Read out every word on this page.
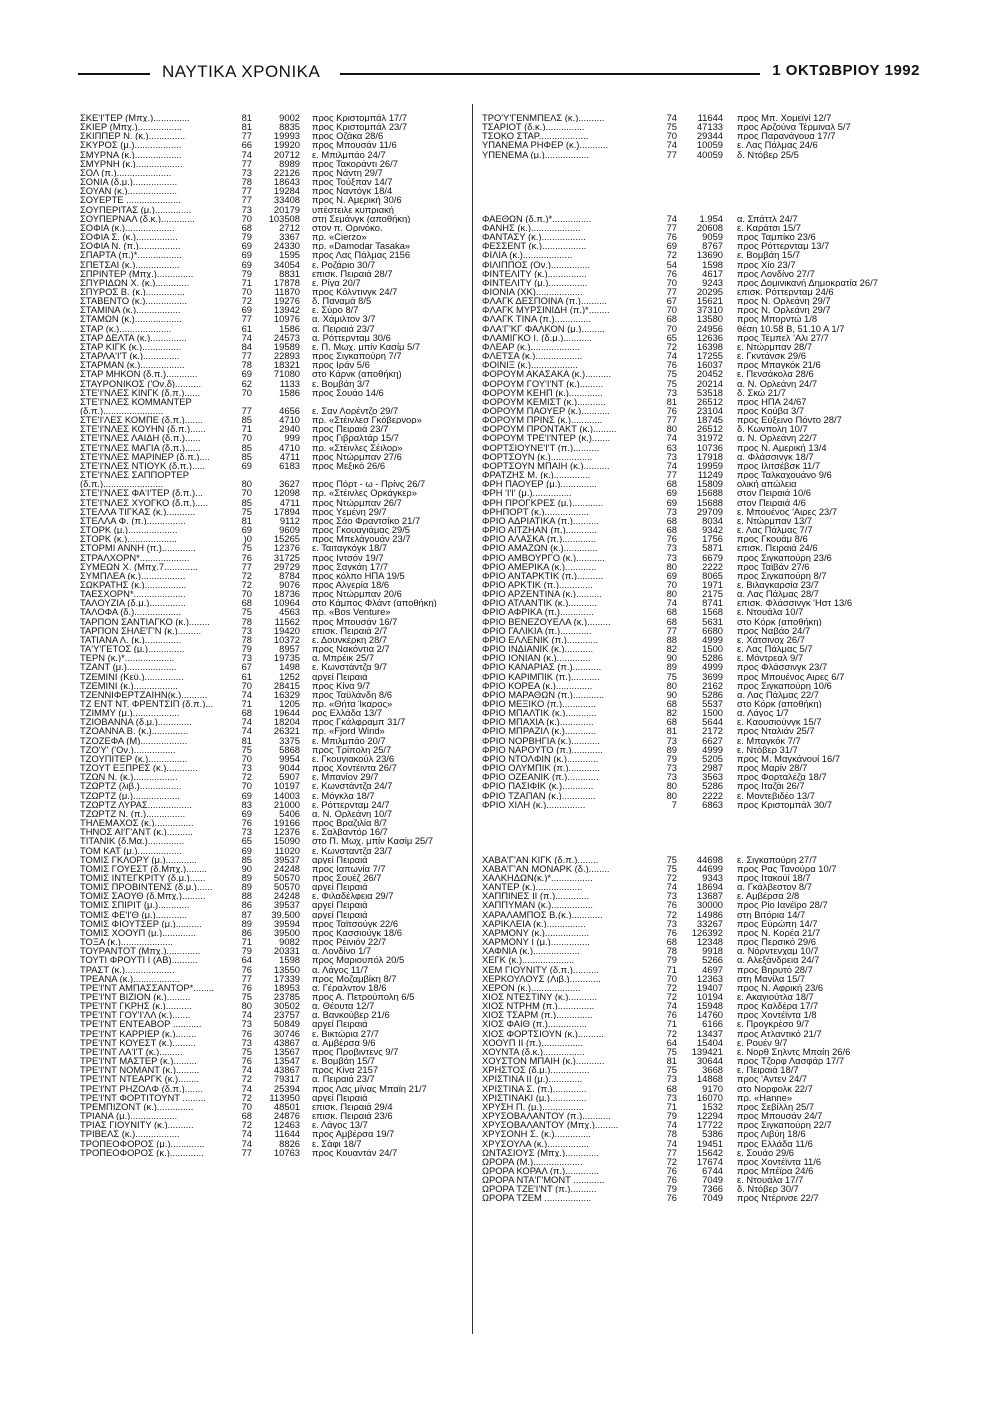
ΝΑΥΤΙΚΑ ΧΡΟΝΙΚΑ	1 ΟΚΤΩΒΡΙΟΥ 1992
ΣΚΕ'Ι'ΤΕΡ (Μπχ.)..............	81	9002	προς Κριστομπάλ 17/7
ΣΚΙΕΡ (Μπχ.).................	81	8835	προς Κριστομπάλ 23/7
ΣΚΙΠΠΕΡ Ν. (κ.)..............	77	19993	προς Οζάκα 28/6
ΣΚΥΡΟΣ (μ.)..................	66	19920	προς Μπουσάν 11/6
ΣΜΥΡΝΑ (κ.)..................	74	20712	ε. Μπιλμπάο 24/7
ΣΜΥΡΝΗ (κ.)..................	77	8989	προς Τακοράντι 26/7
ΣΟΛ (π.).....................	73	22126	προς Νάντη 29/7
ΣΟΝΙΑ (δ.μ.).................	78	18643	προς Τούξπαν 14/7
ΣΟΥΑΝ (κ.)...................	77	19284	προς Ναντόγκ 18/4
ΣΟΥΕΡΤΕ .....................	77	33408	προς Ν. Αμερική 30/6
ΣΟΥΠΕΡΙΤΑΣ (μ.)..............	73	20179	υπέστειλε κυπριακή
ΣΟΥΠΕΡΝΑΛ (δ.κ.).............	70	103508	στη Σεμάνγκ (αποθήκη)
ΣΟΦΙΑ (κ.)...................	68	2712	στον π. Ορινόκο.
ΣΟΦΙΑ Σ. (κ.)................	79	3367	πρ. «Cierzo»
ΣΟΦΙΑ Ν. (π.)................	69	24330	πρ. «Damodar Tasaka»
ΣΠΑΡΤΑ (π.)*.................	69	1595	προς Λας Πάλμας 2156
ΣΠΕΤΣΑΙ (κ.).................	69	34054	ε. Ροζάριο 30/7
ΣΠΡΙΝΤΕΡ (Μπχ.)..............	79	8831	επισκ. Πειραιά 28/7
ΣΠΥΡΙΔΩΝ Χ. (κ.).............	71	17878	ε. Ρίγα 20/7
ΣΠΥΡΟΣ Β. (κ.)...............	70	11870	προς Κόλντινγκ 24/7
ΣΤΑΒΕΝΤΟ (κ.)................	72	19276	δ. Παναμά 8/5
ΣΤΑΜΙΝΑ (κ.).................	69	13942	ε. Σύρο 8/7
ΣΤΑΜΩΝ (κ.)..................	77	10976	α. Χάμιλτον 3/7
ΣΤΑΡ (κ.)....................	61	1586	α. Πειραιά 23/7
ΣΤΑΡ ΔΕΛΤΑ (κ.)..............	74	24573	α. Ρόττερνταμ 30/6
ΣΤΑΡ ΚΙΓΚ (κ.)...............	84	19589	ε. Π. Μωχ. μπίν Κασίμ 5/7
ΣΤΑΡΛΑ'Ι'Τ (κ.)..............	77	22893	προς Σιγκαπούρη 7/7
ΣΤΑΡΜΑΝ (κ.).................	78	18321	προς Ιράν 5/6
ΣΤΑΡ ΜΗΚΟΝ (δ.π.)............	69	71080	στο Κάρνκ (αποθήκη)
ΣΤΑΥΡΟΝΙΚΟΣ ('Ον.δ)..........	62	1133	ε. Βομβάη 3/7
ΣΤΕ'Ι'ΝΛΕΣ ΚΙΝΓΚ (δ.π.)......	70	1586	προς Σουάο 14/6
ΣΤΕ'Ι'ΝΛΕΣ ΚΟΜΜΑΝΤΕΡ
(δ.π.).......................	77	4656	ε. Σαν Λορέντζο 29/7
ΣΤΕ'Ι'ΛΕΣ ΚΟΜΠΕ (δ.π.).......	85	4710	πρ. «Στέινλεσ Γκόβερνορ»
ΣΤΕ'Ι'ΝΛΕΣ ΚΟΥΗΝ (δ.π.)......	71	2940	προς Πειραιά 23/7
ΣΤΕ'Ι'ΝΛΕΣ ΛΑΙΔΗ (δ.π.)......	70	999	προς Γιβραλτάρ 15/7
ΣΤΕ'Ι'ΝΛΕΣ ΜΑΓΙΑ (δ.π.)......	85	4710	πρ. «Στέινλες Σέιλορ»
ΣΤΕ'Ι'ΝΛΕΣ ΜΑΡΙΝΕΡ (δ.π.)....	85	4711	προς Ντώρμπαν 27/6
ΣΤΕ'Ι'ΝΛΕΣ ΝΤΙΟΥΚ (δ.π.).....	69	6183	προς Μεξικό 26/6
ΣΤΕ'Ι'ΝΛΕΣ ΣΑΠΠΟΡΤΕΡ
(δ.π.).......................	80	3627	προς Πόρτ - ω - Πρίνς 26/7
ΣΤΕ'Ι'ΝΛΕΣ ΦΑ'Ι'ΤΕΡ (δ.π.)...	70	12098	πρ. «Στέινλες Ορκάγκερ»
ΣΤΕ'Ι'ΝΛΕΣ ΧΥΟΓΚΟ (δ.π.).....	85	4711	προς Ντώρμπαν 26/7
ΣΤΕΛΛΑ ΤΙΓΚΑΣ (κ.)...........	75	17894	προς Υεμένη 29/7
ΣΤΕΛΛΑ Φ. (π.)...............	81	9112	προς Σάο Φραντσίκο 21/7
ΣΤΟΡΚ (μ.)...................	69	9609	προς Γκουαγιάμας 29/5
ΣΤΟΡΚ (κ.)...................	)0	15265	προς Μπελάγουάν 23/7
ΣΤΟΡΜΙ ΑΝΝΗ (π.).............	75	12376	ε. Ταιταγκόγκ 18/7
ΣΤΡΑΛΧΟΡΝ*...................	76	31725	προς Ιντσόν 19/7
ΣΥΜΕΩΝ Χ. (Μπχ.7.............	77	29729	προς Σαγκάη 17/7
ΣΥΜΠΛΕΑ (κ.).................	72	8784	προς κόλπο ΗΠΑ 19/5
ΣΩΚΡΑΤΗΣ (κ.)................	72	9076	προς Αλγερία 18/6
ΤΑΕΣΧΟΡΝ*....................	70	18736	προς Ντώρμπαν 20/6
ΤΑΛΟΥΖΙΑ (δ.μ.)..............	68	10964	στο Κάμπος Φλάντ (αποθήκη)
ΤΑΛΟΦΑ (δ.)..................	75	4563	πρ. «Bos Venture»
ΤΑΡΠΟΝ ΣΑΝΤΙΑΓΚΟ (κ.)........	78	11562	προς Μπουσάν 16/7
ΤΑΡΠΟΝ ΣΗΛΕ'Γ'Ν (κ.).........	73	19420	επισκ. Πειραιά 2/7
ΤΑΤΙΑΝΑ Λ. (κ.)..............	78	10372	ε. Δουνκέρκη 28/7
ΤΑ'Υ'ΓΕΤΟΣ (μ.)..............	79	8957	προς Νακόντια 2/7
ΤΕΡΝ (κ.)*...................	73	19735	α. Μπρέικ 25/7
ΤΖΑΝΤ (μ.)...................	67	1498	ε. Κωνστάντζα 9/7
ΤΖΕΜΙΝΙ (Κεϋ.)...............	61	1252	αργεί Πειραιά
ΤΖΕΜΙΝΙ (κ.).................	70	28415	προς Κίνα 9/7
ΤΖΕΝΝΙΦΕΡΤΖΑΙΗΝ(κ.)..........	74	16329	προς Ταϋλάνδη 8/6
ΤΖ ΕΝΤ ΝΤ. ΦΡΕΝΤΣΙΠ (δ.π.)...	71	1205	πρ. «Θήτα Ίκαρος»
ΤΖΙΜΜΥ (μ.)..................	68	19644	ρος Ελλάδα 13/7
ΤΖΙΟΒΑΝΝΑ (δ.μ.).............	74	18204	προς Γκάλφραμπ 31/7
ΤΖΟΑΝΝΑ Β. (κ.)..............	74	26321	πρ. «Fjord Wind»
ΤΖΟΖΕΦΑ (Μ)..................	81	3375	ε. Μπιλμπάο 20/7
ΤΖΟ'Υ' ('Ον.)................	75	5868	προς Τρίπολη 25/7
ΤΖΟΥΠΙΤΕΡ (κ.)...............	70	9954	ε. Γκουγιακούλ 23/6
ΤΖΟΥΤ ΕΞΠΡΕΣ (κ.)............	73	9044	προς Χοντέιντα 26/7
ΤΖΩΝ Ν. (κ.).................	72	5907	ε. Μπανίον 29/7
ΤΖΩΡΤΖ (λιβ.)................	70	10197	ε. Κωνστάντζα 24/7
ΤΖΩΡΤΖ (μ.)..................	69	14003	ε. Μόγκλα 18/7
ΤΖΩΡΤΖ ΛΥΡΑΣ.................	83	21000	ε. Ρόττερνταμ 24/7
ΤΖΩΡΤΖ Ν. (π.)...............	69	5406	α. Ν. Ορλεάνη 10/7
ΤΗΛΕΜΑΧΟΣ (κ.)...............	76	19166	προς Βραζιλία 8/7
ΤΗΝΟΣ ΑΙ'Γ'ΑΝΤ (κ.)..........	73	12376	ε. Σαλβαντόρ 16/7
ΤΙΤΑΝΙΚ (δ.Μα.)..............	65	15090	στο Π. Μωχ. μπίν Κασίμ 25/7
ΤΟΜ ΚΑΤ (μ.).................	69	11020	ε. Κωνσταντζα 23/7
ΤΟΜΙΣ ΓΚΛΟΡΥ (μ.)............	85	39537	αργεί Πειραιά
ΤΟΜΙΣ ΓΟΥΕΣΤ (δ.Μπχ.)........	90	24248	προς Ιαπωνία 7/7
ΤΟΜΙΣ ΙΝΤΕΓΚΡΙΤΥ (δ.μ.)......	89	50570	προς Σουέζ 26/7
ΤΟΜΙΣ ΠΡΟΒΙΝΤΕΝΣ (δ.μ.)......	89	50570	αργεί Πειραιά
ΤΟΜΙΣ ΣΑΟΥΘ (δ.Μπχ.).........	88	24248	ε. Φιλαδέλφεια 29/7
ΤΟΜΙΣ ΣΠΙΡΙΤ (μ.)............	86	39537	αργεί Πειραιά
ΤΟΜΙΣ ΦΕ'Ι'Θ (μ.)............	87	39.500	αργεί Πειραιά
ΤΟΜΙΣ ΦΙΟΥΤΣΕΡ (μ.)..........	89	39594	προς Ταϊτσούγκ 22/6
ΤΟΜΙΣ ΧΟΟΥΠ (μ.).............	86	39500	προς Κασσιούγκ 18/6
ΤΟΞΑ (κ.)....................	71	9082	προς Ρέινιόν 22/7
ΤΟΥΡΑΝΤΟΤ (Μπχ.).............	79	20331	α. Λονδίνο 1/7
ΤΟΥΤΙ ΦΡΟΥΤΙ Ι (ΑΒ)..........	64	1598	προς Μαριουπόλ 20/5
ΤΡΑΣΤ (κ.)...................	76	13550	α. Λάγος 11/7
ΤΡΕΑΝΑ (κ.)..................	77	17339	προς Μοζαμβίκη 8/7
ΤΡΕ'Ι'ΝΤ ΑΜΠΑΣΣΑΝΤΟΡ*........	76	18953	α. Γέραλντον 18/6
ΤΡΕ'Ι'ΝΤ ΒΙΖΙΟΝ (κ.).........	75	23785	προς Α. Πετρούπολη 6/5
ΤΡΕ'Ι'ΝΤ ΓΚΡΗΣ (κ.)..........	80	30502	α. Θέουτα 12/7
ΤΡΕ'Ι'ΝΤ ΓΟΥ'Ι'ΛΛ (κ.).......	74	23757	α. Βανκούβερ 21/6
ΤΡΕ'Ι'ΝΤ ΕΝΤΕΑΒΟΡ ...........	73	50849	αργεί Πειραιά
ΤΡΕ'Ι'ΝΤ ΚΑΡΡΙΕΡ (κ.)........	76	30746	ε. Βικτώρια 27/7
ΤΡΕ'Ι'ΝΤ ΚΟΥΕΣΤ (κ.).........	73	43867	α. Αμβέρσα 9/6
ΤΡΕ'Ι'ΝΤ ΛΑ'Ι'Τ (κ.).........	75	13567	προς Προβιντενς 9/7
ΤΡΕ'Ι'ΝΤ ΜΑΣΤΕΡ (κ.).........	76	13547	ε. Βομβάη 15/7
ΤΡΕ'Ι'ΝΤ ΝΟΜΑΝΤ (κ.).........	74	43867	προς Κίνα 2157
ΤΡΕ'Ι'ΝΤ ΝΤΕΑΡΓΚ (κ.)........	72	79317	α. Πειραιά 23/7
ΤΡΕ'Ι'ΝΤ ΡΗΖΟΛΦ (δ.π.).......	74	25394	προς Λας μίνας Μπαϊη 21/7
ΤΡΕ'Ι'ΝΤ ΦΟΡΤΙΤΟΥΝΤ .........	72	113950	αργεί Πειραιά
ΤΡΕΜΠΙΖΟΝΤ (κ.)..............	70	48501	επισκ. Πειραιά 29/4
ΤΡΙΑΝΑ (μ.)..................	68	24876	επισκ. Πειραιά 23/6
ΤΡΙΑΣ ΓΙΟΥΝΙΤΥ (κ.)..........	72	12463	ε. Λάγος 13/7
ΤΡΙΒΕΛΣ (κ.).................	74	11644	προς Αμβέρσα 19/7
ΤΡΟΠΕΟΦΟΡΟΣ (μ.).............	74	8826	ε. Σάφι 18/7
ΤΡΟΠΕΟΦΟΡΟΣ (κ.).............	77	10763	προς Κουαντάν 24/7
ΤΡΟ'Υ'ΓΕΝΜΠΕΛΣ (κ.)..........	74	11644	προς Μπ. Χομεϊνί 12/7
ΤΣΑΡΙΟΤ (δ.κ.)...............	75	47133	προς Αρζούνα Τέρμιναλ 5/7
ΤΣΟΚΟ ΣΤΑΡ...................	70	29344	προς Παρανάγουα 17/7
ΥΠΑΝΕΜΑ ΡΗΦΕΡ (κ.)...........	74	10059	ε. Λας Πάλμας 24/6
ΥΠΕΝΕΜΑ (μ.).................	77	40059	δ. Ντόβερ 25/5
ΦΑΕΘΩΝ (δ.π.)*...............	74	1.954	α. Σπάττλ 24/7
ΦΑΝΗΣ (κ.)...................	77	20608	ε. Καράτσι 15/7
ΦΑΝΤΑΣΥ (κ.).................	76	9059	προς Ταμπίκο 23/6
ΦΕΣΣΕΝΤ (κ.).................	69	8767	προς Ρόττερνταμ 13/7
ΦΙΛΙΑ (κ.)...................	72	13690	ε. Βομβάη 15/7
ΦΙΛΙΠΠΟΣ (Ον.)...............	54	1598	προς Χίο 23/7
ΦΙΝΤΕΛΙΤΥ (κ.)...............	76	4617	προς Λονδίνο 27/7
ΦΙΝΤΕΛΙΤΥ (μ.)...............	70	9243	προς Δομινικανή Δημοκρατία 26/7
ΦΙΟΝΙΑ (ΧΚ)..................	77	20295	επισκ. Ρόττερνταμ 24/6
ΦΛΑΓΚ ΔΕΣΠΟΙΝΑ (π.)..........	67	15621	προς Ν. Ορλεάνη 29/7
ΦΛΑΓΚ ΜΥΡΣΙΝΙΔΗ (π.)*........	70	37310	προς Ν. Ορλεάνη 29/7
ΦΛΑΓΚ ΤΙΝΑ (π.)..............	68	13580	προς Μπορντώ 1/8
ΦΛΑ'Γ'ΚΓ ΦΑΛΚΟΝ (μ.).........	70	24956	θέση 10.58 Β, 51.10 Α 1/7
ΦΛΑΜΙΓΚΟ Ι. (δ.μ.)...........	65	12636	προς Τέμπελ 'Αλι 27/7
ΦΛΕΑΡ (κ.)...................	72	16398	ε. Ντώρμπαν 28/7
ΦΛΕΤΣΑ (κ.)..................	74	17255	ε. Γκντάνσκ 29/6
ΦΟΙΝΙΞ (κ.)..................	76	16037	προς Μπαγκόκ 21/6
ΦΟΡΟΥΜ ΑΚΑΣΑΚΑ (κ.)..........	75	20452	ε. Πενσάκολα 28/6
ΦΟΡΟΥΜ ΓΟΥ'Ι'ΝΤ (κ.).........	75	20214	α. Ν. Ορλεάνη 24/7
ΦΟΡΟΥΜ ΚΕΗΠ (κ.).............	73	53518	δ. Σκώ 21/7
ΦΟΡΟΥΜ ΚΕΜΙΣΤ (κ.)...........	81	26512	προς ΗΠΑ 24/67
ΦΟΡΟΥΜ ΠΑΟΥΕΡ (κ.)...........	76	23104	προς Κούβα 3/7
ΦΟΡΟΥΜ ΠΡΙΝΣ (κ.)............	77	18745	προς Εύξεινο Πόντο 28/7
ΦΟΡΟΥΜ ΠΡΟΝΤΑΚΤ (κ.).........	80	26512	δ. Κωνπολη 10/7
ΦΟΡΟΥΜ ΤΡΕ'Ι'ΝΤΕΡ (κ.).......	74	31972	α. Ν. Ορλεάνη 22/7
ΦΟΡΤΣΙΟΥΝΕ'Ι'Τ (π.)..........	63	10736	προς Ν. Αμερική 13/4
ΦΟΡΤΣΟΥΝ (κ.)................	73	17918	α. Φλάσσινγκ 18/7
ΦΟΡΤΣΟΥΝ ΜΠΑΙΗ (κ.)..........	74	19959	προς Ιλιτσέβσκ 11/7
ΦΡΑΤΖΗΣ Μ. (κ.)..............	77	11249	προς Ταλκαχουάνο 9/6
ΦΡΗ ΠΑΟΥΕΡ (μ.)..............	68	15809	ολική απώλεια
ΦΡΗ 'Ι'Ι' (μ.)...............	69	15688	στον Πειραιά 10/6
ΦΡΗ ΠΡΟΓΚΡΕΣ (μ.)............	69	15688	στον Πειραιά 4/6
ΦΡΗΠΟΡΤ (κ.).................	73	29709	ε. Μπουένος 'Αιρες 23/7
ΦΡΙΟ ΑΔΡΙΑΤΙΚΑ (π.)..........	68	8034	ε. Ντώρμπαν 13/7
ΦΡΙΟ ΑΙΤΖΗΑΝ (π.)............	68	9342	ε. Λας Πάλμας 7/7
ΦΡΙΟ ΑΛΑΣΚΑ (π.).............	76	1756	προς Γκουάμ 8/6
ΦΡΙΟ ΑΜΑΖΩΝ (κ.).............	73	5871	επισκ. Πειραιά 24/6
ΦΡΙΟ ΑΜΒΟΥΡΓΟ (κ.)...........	73	6679	προς Σιγκαπούρη 23/6
ΦΡΙΟ ΑΜΕΡΙΚΑ (κ.)............	80	2222	προς Ταϊβάν 27/6
ΦΡΙΟ ΑΝΤΑΡΚΤΙΚ (π.)..........	69	8065	προς Σιγκαπούρη 8/7
ΦΡΙΟ ΑΡΚΤΙΚ (π.).............	70	1971	ε. Βιλαγκαρσία 23/7
ΦΡΙΟ ΑΡΖΕΝΤΙΝΑ (κ.)..........	80	2175	α. Λας Πάλμας 28/7
ΦΡΙΟ ΑΤΛΑΝΤΙΚ (κ.)...........	74	8741	επισκ. Φλάσσινγκ 'Ηστ 13/6
ΦΡΙΟ ΑΦΡΙΚΑ (π.).............	68	1568	ε. Ντουάλα 10/7
ΦΡΙΟ ΒΕΝΕΖΟΥΕΛΑ (κ.).........	68	5631	στο Κόρκ (αποθήκη)
ΦΡΙΟ ΓΑΛΙΚΙΑ (π.)............	77	6680	προς Ναβάο 24/7
ΦΡΙΟ ΕΛΛΕΝΙΚ (π.)............	88	4999	ε. Χάτσινοχ 26/7
ΦΡΙΟ ΙΝΔΙΑΝΙΚ (κ.)...........	82	1500	ε. Λας Πάλμας 5/7
ΦΡΙΟ ΙΟΝΙΑΝ (κ.).............	90	5286	ε. Μόντρεαλ 9/7
ΦΡΙΟ ΚΑΝΑΡΙΑΣ (π.)...........	89	4999	προς Φλάσσινγκ 23/7
ΦΡΙΟ ΚΑΡΙΜΠΙΚ (π.)...........	75	3699	προς Μπουένος Αιρες 6/7
ΦΡΙΟ ΚΟΡΕΑ (κ.)..............	80	2162	προς Σιγκαπούρη 10/6
ΦΡΙΟ ΜΑΡΑΘΩΝ (π.)............	90	5286	α. Λας Πάλμας 22/7
ΦΡΙΟ ΜΕΞΙΚΟ (π.).............	68	5537	στο Κόρκ (αποθήκη)
ΦΡΙΟ ΜΠΑΛΤΙΚ (κ.)............	82	1500	α. Λάγος 1/7
ΦΡΙΟ ΜΠΑΧΙΑ (κ.).............	68	5644	ε. Καουσιούνγκ 15/7
ΦΡΙΟ ΜΠΡΑΖΙΛ (κ.)............	81	2172	προς Νταλιάν 25/7
ΦΡΙΟ ΝΟΡΒΗΓΙΑ (κ.)...........	73	6627	ε. Μπαγκόκ 7/7
ΦΡΙΟ ΝΑΡΟΥΤΟ (π.)............	89	4999	ε. Ντόβερ 31/7
ΦΡΙΟ ΝΤΟΛΦΙΝ (κ.)............	79	5205	προς Μ. Μαγκάνουί 16/7
ΦΡΙΟ ΟΛΥΜΠΙΚ (π.)............	73	2987	προς Μαρίν 28/7
ΦΡΙΟ ΟΖΕΑΝΙΚ (π.)............	73	3563	προς Φορταλέζα 18/7
ΦΡΙΟ ΠΑΣΙΦΙΚ (κ.)............	80	5286	προς Ιταζάι 26/7
ΦΡΙΟ ΤΖΑΠΑΝ (κ.).............	80	2222	ε. Μοντεβιδέο 13/7
ΦΡΙΟ ΧΙΛΗ (κ.)...............	7	6863	προς Κριστομπάλ 30/7
ΧΑΒΑ'Γ'ΑΝ ΚΙΓΚ (δ.π.)........	75	44698	ε. Σιγκαπούρη 27/7
ΧΑΒΑ'Γ'ΑΝ ΜΟΝΑΡΚ (δ.)........	75	44699	προς Ρας Τανούρα 10/7
ΧΑΛΚΗΔΩΝ(κ.)*................	72	9343	προς Ιτακούί 18/7
ΧΑΝΤΕΡ (κ.)..................	74	18694	α. Γκάλβεστον 8/7
ΧΑΠΠΙΝΕΣ ΙΙ (π.).............	73	13687	ε. Αμβέρσα 2/8
ΧΑΠΠΥΜΑΝ (κ.)................	76	30000	προς Ρίο Ιανέϊρο 28/7
ΧΑΡΑΛΑΜΠΟΣ Β.(κ.)............	72	14986	στη Βιτόρια 14/7
ΧΑΡΙΚΛΕΙΑ (κ.)...............	73	33267	προς Εύρώπη 14/7
ΧΑΡΜΟΝΥ (κ.).................	76	126392	προς Ν. Κορέα 21/7
ΧΑΡΜΟΝΥ Ι (μ.)...............	68	12348	προς Περσικό 29/6
ΧΑΦΝΙΑ (κ.)..................	78	9918	α. Νόρντενχαμ 10/7
ΧΕΓΚ (κ.)....................	79	5266	α. Αλεξάνδρεια 24/7
ΧΕΜ ΓΙΟΥΝΙΤΥ (δ.π.)..........	71	4697	προς Βηρυτό 28/7
ΧΕΡΚΟΥΛΟΥΣ (Λιβ.)............	70	12363	στη Μανίλα 15/7
ΧΕΡΟΝ (κ.)...................	72	19407	προς Ν. Αφρική 23/6
ΧΙΟΣ ΝΤΕΣΤΙΝΥ (κ.)...........	72	10194	ε. Ακαγιούτλα 18/7
ΧΙΟΣ ΝΤΡΗΜ (π.)..............	74	15948	προς Καλδέρα 17/7
ΧΙΟΣ ΤΣΑΡΜ (π.)..............	76	14760	προς Χοντέϊντα 1/8
ΧΙΟΣ ΦΑΙΘ (π.)...............	71	6166	ε. Προγκρέσο 9/7
ΧΙΟΣ ΦΟΡΤΣΙΟΥΝ (κ.)..........	72	13437	προς Ατλαντικό 21/7
ΧΟΟΥΠ ΙΙ (π.)................	64	15404	ε. Ρουέν 9/7
ΧΟΥΝΤΑ (δ.κ.)................	75	139421	ε. Νορθ Σηλντς Μπαίη 26/6
ΧΟΥΣΤΟΝ ΜΠΑΙΗ (κ.)...........	81	30644	προς Τζορφ Λασφάρ 17/7
ΧΡΗΣΤΟΣ (δ.μ.)...............	75	3668	ε. Πειραιά 18/7
ΧΡΙΣΤΙΝΑ ΙΙ (μ.).............	73	14868	προς 'Αντεν 24/7
ΧΡΙΣΤΙΝΑ Σ. (π.).............	68	9170	στο Νορφολκ 22/7
ΧΡΙΣΤΙΝΑΚΙ (μ.)..............	73	16070	πρ. «Hanne»
ΧΡΥΣΗ Π. (μ.)................	71	1532	προς Σεβίλλη 25/7
ΧΡΥΣΟΒΑΛΑΝΤΟΥ (π.)...........	79	12294	προς Μπουσάν 24/7
ΧΡΥΣΟΒΑΛΑΝΤΟΥ (Μπχ.).........	74	17722	προς Σιγκαπούρη 22/7
ΧΡΥΣΟΝΗ Σ. (κ.)..............	78	5386	προς Λιβύη 18/6
ΧΡΥΣΟΥΛΑ (κ.)................	74	19451	προς Ελλάδα 11/6
ΩΝΤΑΣΙΟΥΣ (Μπχ.).............	77	15642	ε. Σουάο 29/6
ΩΡΟΡΑ (Μ.)...................	72	17674	προς Χοντέϊντα 11/6
ΩΡΟΡΑ ΚΟΡΑΛ (π.).............	76	6744	προς Μπέϊρα 24/6
ΩΡΟΡΑ ΝΤΑ'Γ'ΜΟΝΤ ............	76	7049	ε. Ντουάλα 17/7
ΩΡΟΡΑ ΤΖΕ'Ι'ΝΤ (π.)..........	79	7366	δ. Ντόβερ 30/7
ΩΡΟΡΑ ΤΖΕΜ ..................	76	7049	προς Ντέρινσε 22/7
